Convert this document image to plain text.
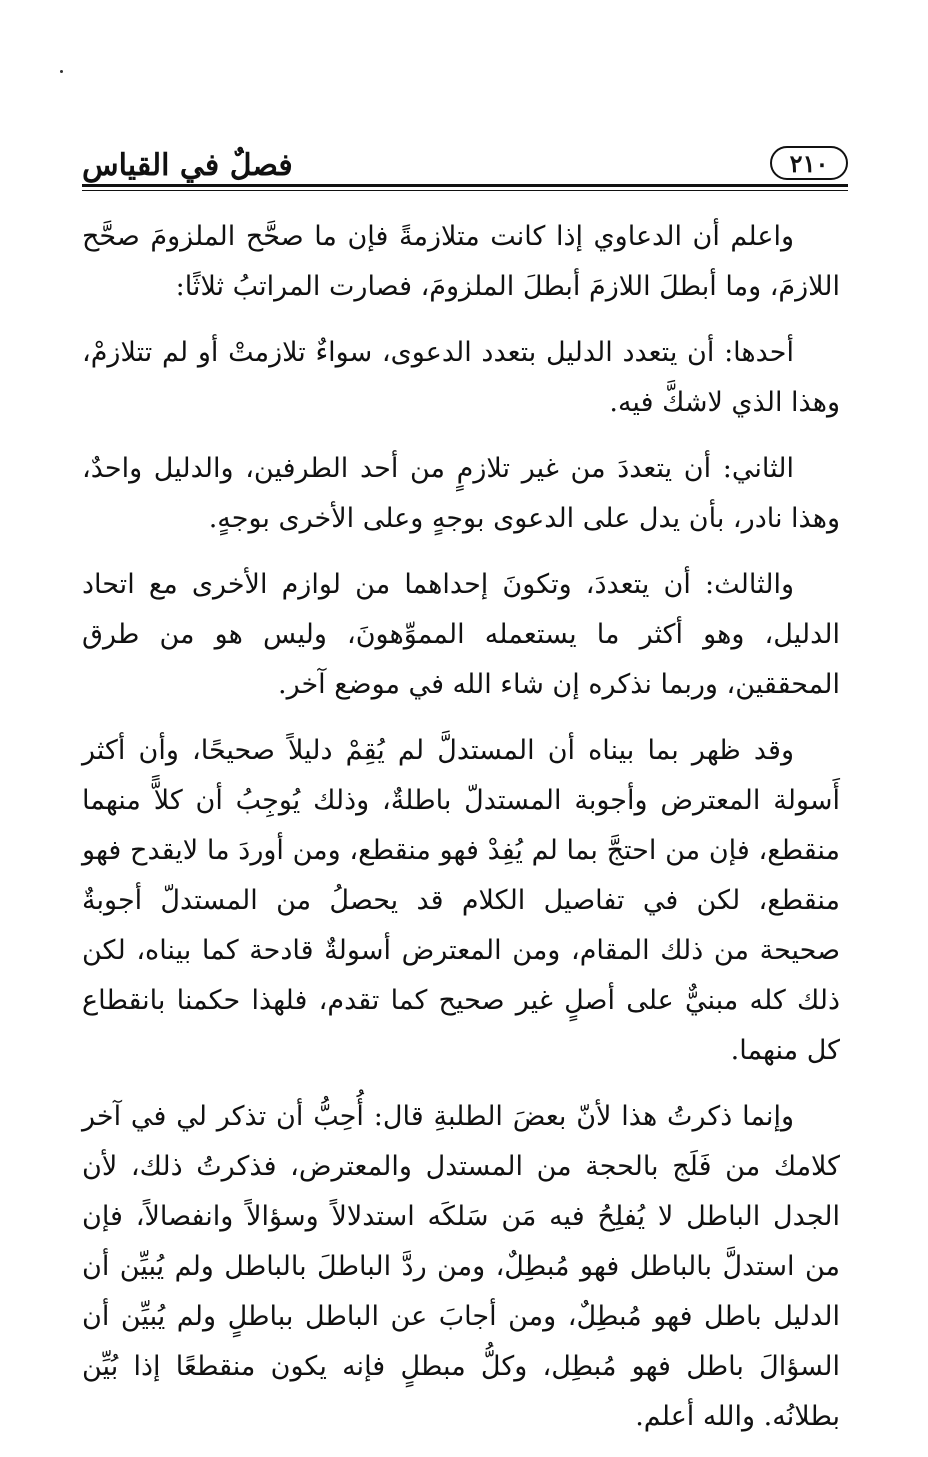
٢١٠
فصلٌ في القياس

واعلم أن الدعاوي إذا كانت متلازمةً فإن ما صحَّح الملزومَ صحَّح اللازمَ، وما أبطلَ اللازمَ أبطلَ الملزومَ، فصارت المراتبُ ثلاثًا:

أحدها: أن يتعدد الدليل بتعدد الدعوى، سواءٌ تلازمتْ أو لم تتلازمْ، وهذا الذي لاشكَّ فيه.

الثاني: أن يتعددَ من غير تلازمٍ من أحد الطرفين، والدليل واحدٌ، وهذا نادر، بأن يدل على الدعوى بوجهٍ وعلى الأخرى بوجهٍ.

والثالث: أن يتعددَ، وتكونَ إحداهما من لوازم الأخرى مع اتحاد الدليل، وهو أكثر ما يستعمله المموِّهونَ، وليس هو من طرق المحققين، وربما نذكره إن شاء الله في موضع آخر.

وقد ظهر بما بيناه أن المستدلَّ لم يُقِمْ دليلاً صحيحًا، وأن أكثر أَسولة المعترض وأجوبة المستدلّ باطلةٌ، وذلك يُوجِبُ أن كلاًّ منهما منقطع، فإن من احتجَّ بما لم يُفِدْ فهو منقطع، ومن أوردَ ما لايقدح فهو منقطع، لكن في تفاصيل الكلام قد يحصلُ من المستدلّ أجوبةٌ صحيحة من ذلك المقام، ومن المعترض أسولةٌ قادحة كما بيناه، لكن ذلك كله مبنيٌّ على أصلٍ غير صحيح كما تقدم، فلهذا حكمنا بانقطاع كل منهما.

وإنما ذكرتُ هذا لأنّ بعضَ الطلبةِ قال: أُحِبُّ أن تذكر لي في آخر كلامك من فَلَج بالحجة من المستدل والمعترض، فذكرتُ ذلك، لأن الجدل الباطل لا يُفلِحُ فيه مَن سَلكَه استدلالاً وسؤالاً وانفصالاً، فإن من استدلَّ بالباطل فهو مُبطِلٌ، ومن ردَّ الباطلَ بالباطل ولم يُبيِّن أن الدليل باطل فهو مُبطِلٌ، ومن أجابَ عن الباطل بباطلٍ ولم يُبيِّن أن السؤالَ باطل فهو مُبطِل، وكلُّ مبطلٍ فإنه يكون منقطعًا إذا بُيِّن بطلانُه. والله أعلم.
